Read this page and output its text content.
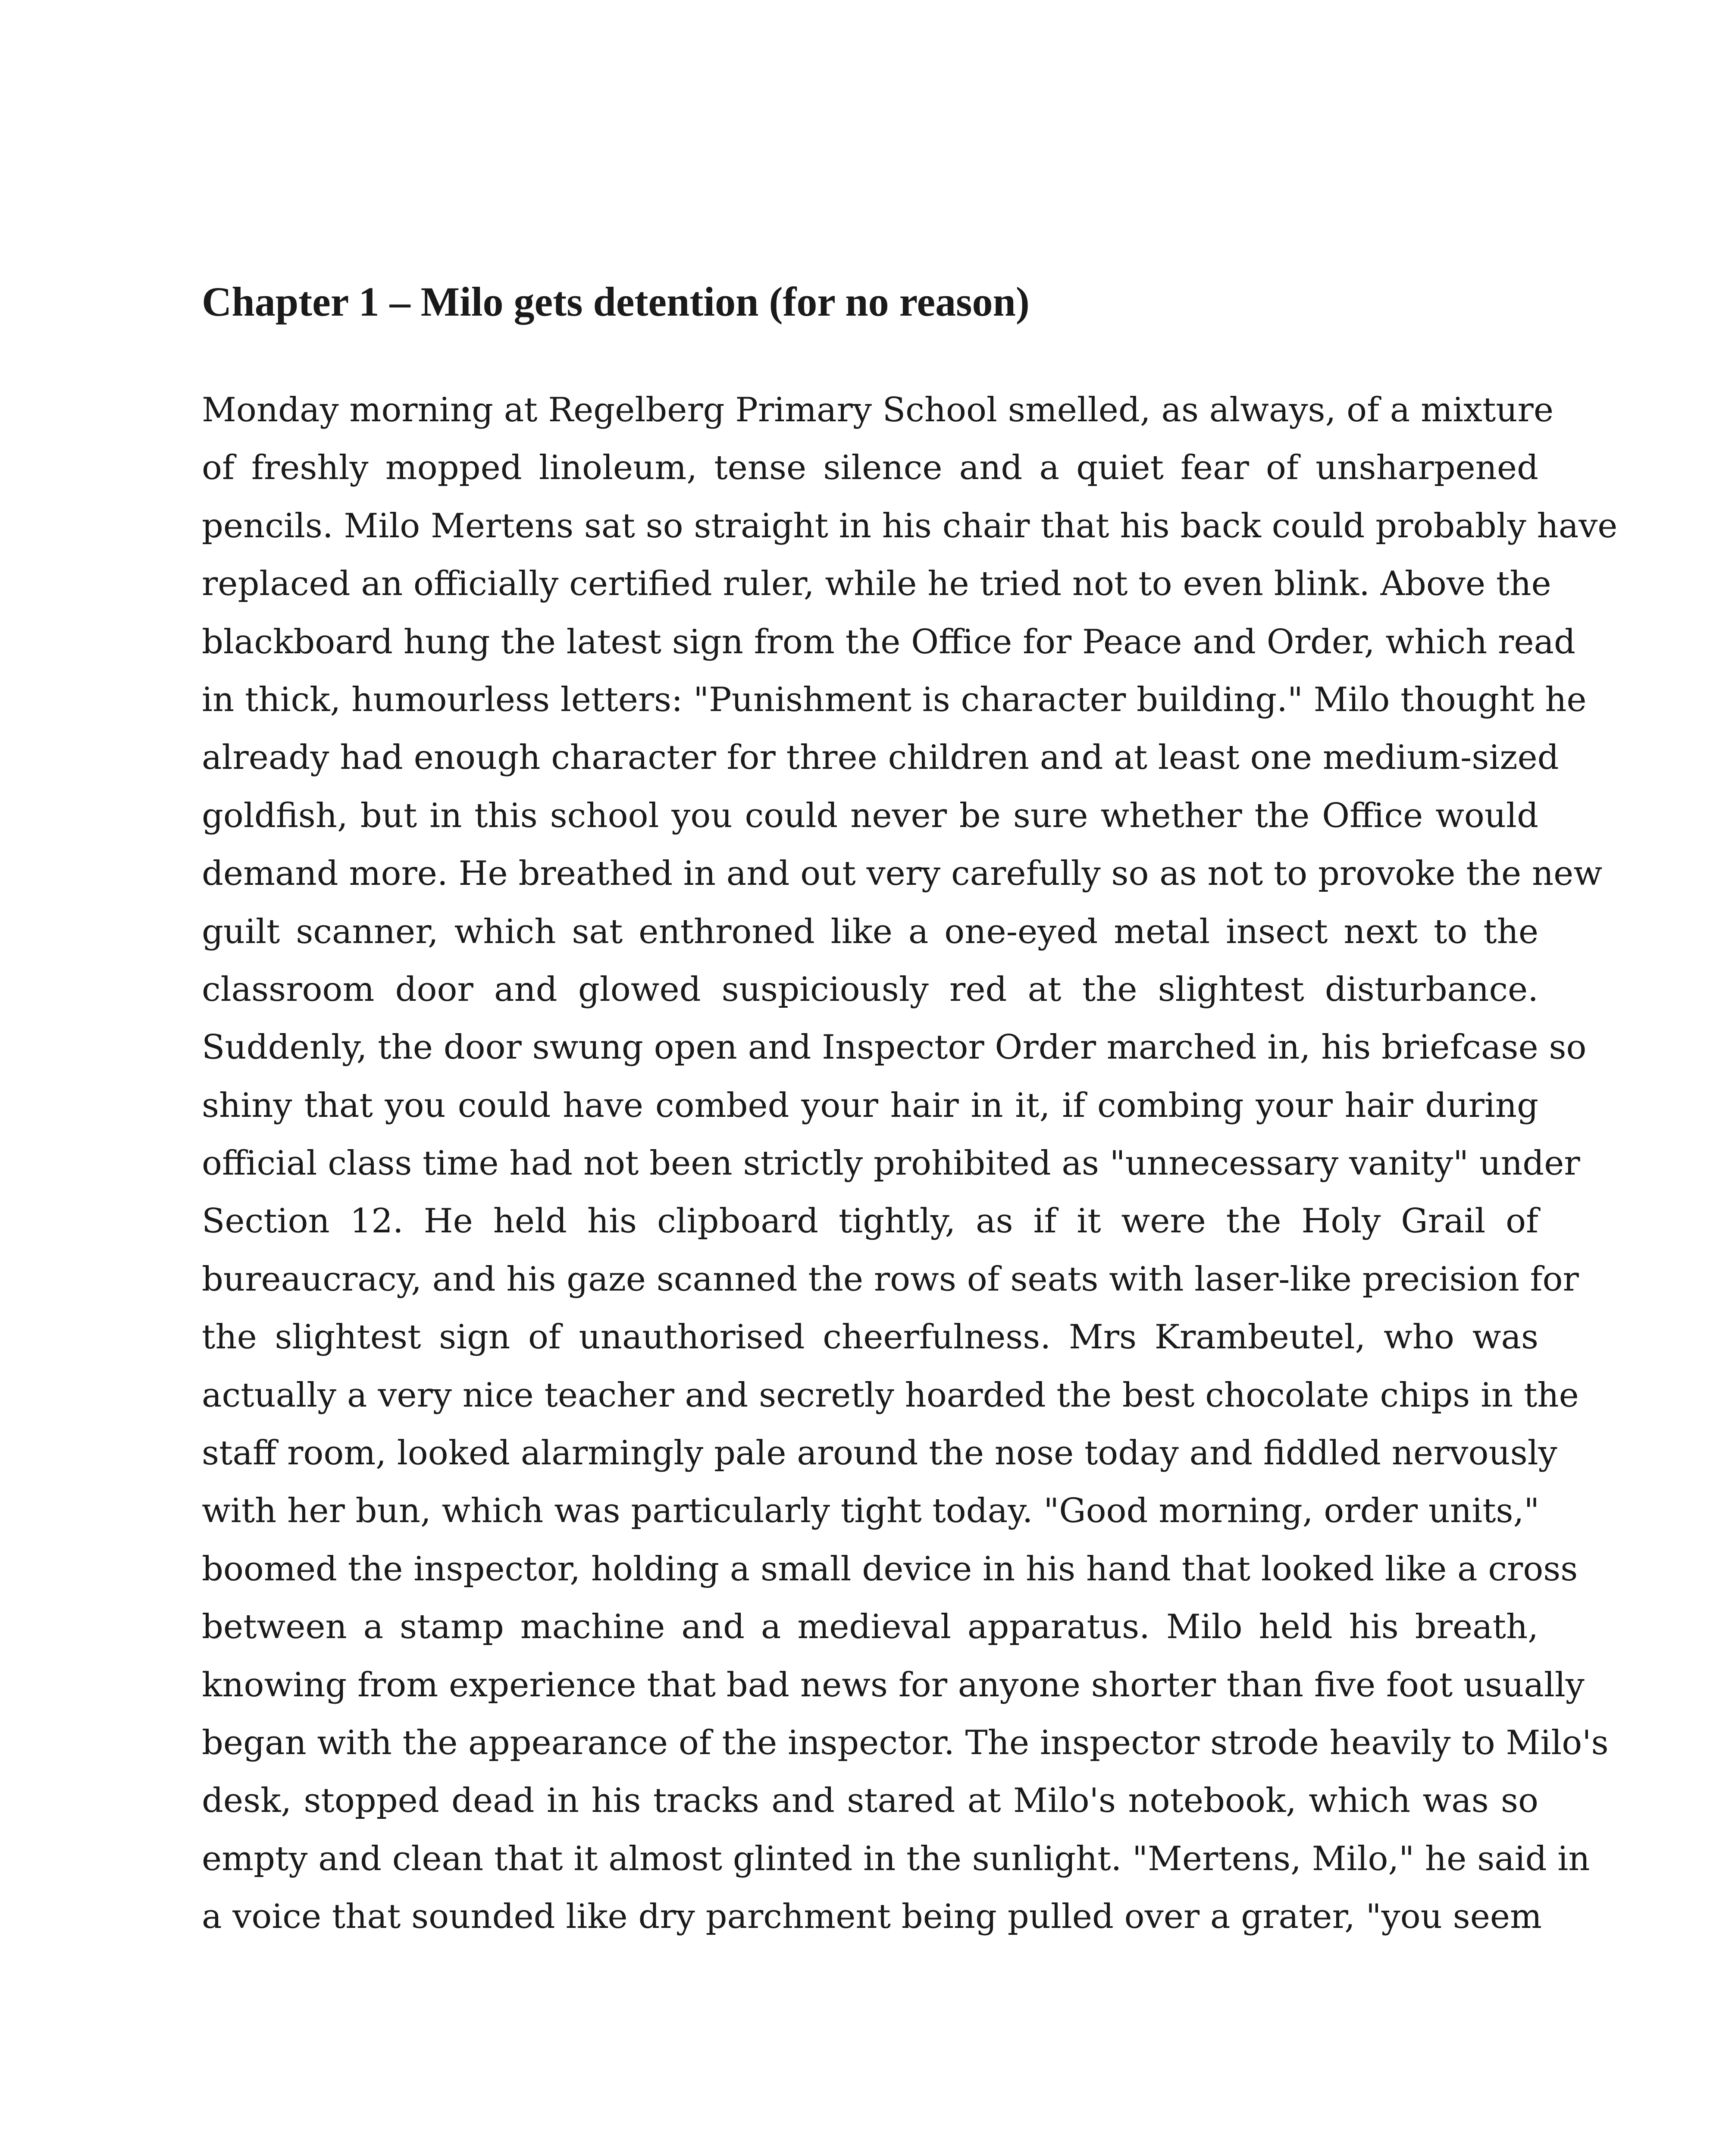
Chapter 1 – Milo gets detention (for no reason)
Monday morning at Regelberg Primary School smelled, as always, of a mixture
of freshly mopped linoleum, tense silence and a quiet fear of unsharpened
pencils. Milo Mertens sat so straight in his chair that his back could probably have
replaced an officially certified ruler, while he tried not to even blink. Above the
blackboard hung the latest sign from the Office for Peace and Order, which read
in thick, humourless letters: "Punishment is character building." Milo thought he
already had enough character for three children and at least one medium-sized
goldfish, but in this school you could never be sure whether the Office would
demand more. He breathed in and out very carefully so as not to provoke the new
guilt scanner, which sat enthroned like a one-eyed metal insect next to the
classroom door and glowed suspiciously red at the slightest disturbance.
Suddenly, the door swung open and Inspector Order marched in, his briefcase so
shiny that you could have combed your hair in it, if combing your hair during
official class time had not been strictly prohibited as "unnecessary vanity" under
Section 12. He held his clipboard tightly, as if it were the Holy Grail of
bureaucracy, and his gaze scanned the rows of seats with laser-like precision for
the slightest sign of unauthorised cheerfulness. Mrs Krambeutel, who was
actually a very nice teacher and secretly hoarded the best chocolate chips in the
staff room, looked alarmingly pale around the nose today and fiddled nervously
with her bun, which was particularly tight today. "Good morning, order units,"
boomed the inspector, holding a small device in his hand that looked like a cross
between a stamp machine and a medieval apparatus. Milo held his breath,
knowing from experience that bad news for anyone shorter than five foot usually
began with the appearance of the inspector. The inspector strode heavily to Milo's
desk, stopped dead in his tracks and stared at Milo's notebook, which was so
empty and clean that it almost glinted in the sunlight. "Mertens, Milo," he said in
a voice that sounded like dry parchment being pulled over a grater, "you seem
